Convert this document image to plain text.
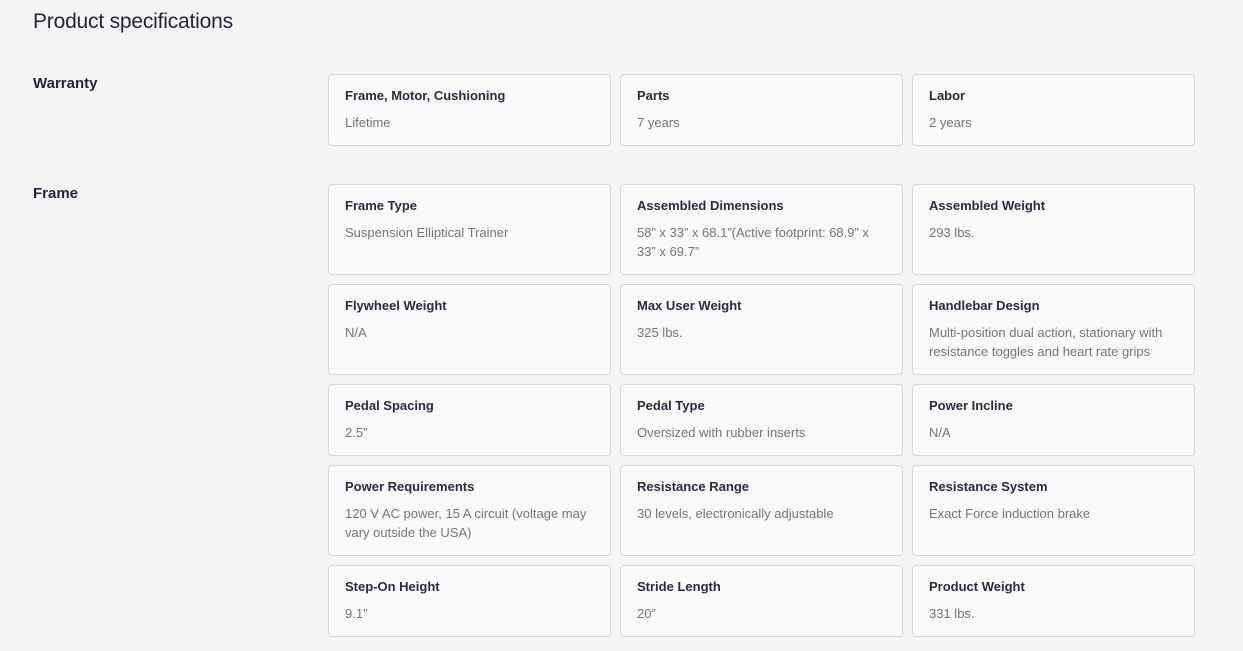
Product specifications
Warranty
Frame, Motor, Cushioning
Lifetime
Parts
7 years
Labor
2 years
Frame
Frame Type
Suspension Elliptical Trainer
Assembled Dimensions
58” x 33” x 68.1”(Active footprint: 68.9” x 33” x 69.7”
Assembled Weight
293 lbs.
Flywheel Weight
N/A
Max User Weight
325 lbs.
Handlebar Design
Multi-position dual action, stationary with resistance toggles and heart rate grips
Pedal Spacing
2.5”
Pedal Type
Oversized with rubber inserts
Power Incline
N/A
Power Requirements
120 V AC power, 15 A circuit (voltage may vary outside the USA)
Resistance Range
30 levels, electronically adjustable
Resistance System
Exact Force induction brake
Step-On Height
9.1”
Stride Length
20”
Product Weight
331 lbs.
